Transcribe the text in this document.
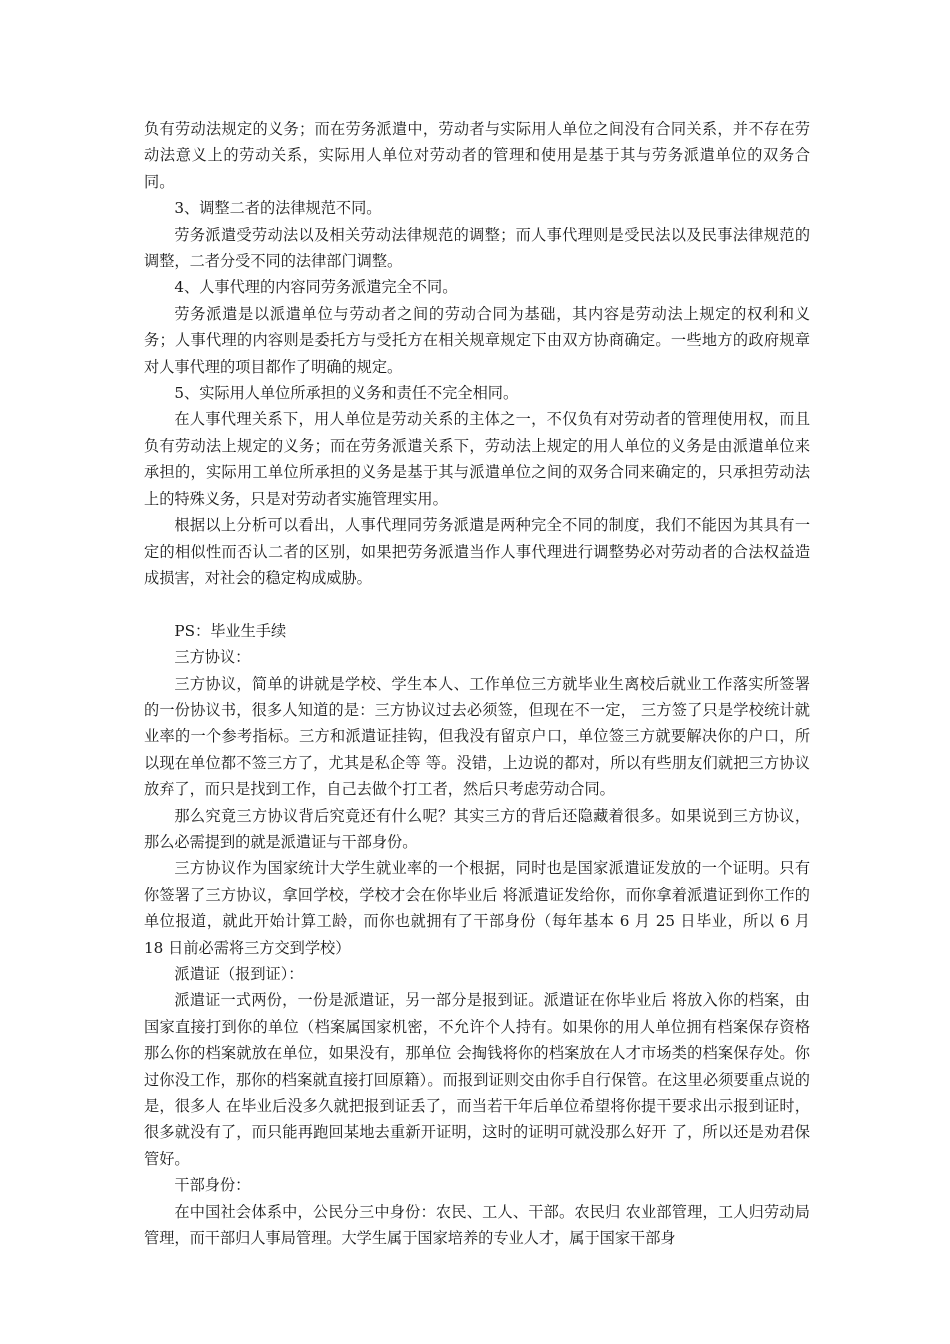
负有劳动法规定的义务；而在劳务派遣中，劳动者与实际用人单位之间没有合同关系，并不存在劳动法意义上的劳动关系，实际用人单位对劳动者的管理和使用是基于其与劳务派遣单位的双务合同。

3、调整二者的法律规范不同。

劳务派遣受劳动法以及相关劳动法律规范的调整；而人事代理则是受民法以及民事法律规范的调整，二者分受不同的法律部门调整。

4、人事代理的内容同劳务派遣完全不同。

劳务派遣是以派遣单位与劳动者之间的劳动合同为基础，其内容是劳动法上规定的权利和义务；人事代理的内容则是委托方与受托方在相关规章规定下由双方协商确定。一些地方的政府规章对人事代理的项目都作了明确的规定。

5、实际用人单位所承担的义务和责任不完全相同。

在人事代理关系下，用人单位是劳动关系的主体之一，不仅负有对劳动者的管理使用权，而且负有劳动法上规定的义务；而在劳务派遣关系下，劳动法上规定的用人单位的义务是由派遣单位来承担的，实际用工单位所承担的义务是基于其与派遣单位之间的双务合同来确定的，只承担劳动法上的特殊义务，只是对劳动者实施管理实用。

根据以上分析可以看出，人事代理同劳务派遣是两种完全不同的制度，我们不能因为其具有一定的相似性而否认二者的区别，如果把劳务派遣当作人事代理进行调整势必对劳动者的合法权益造成损害，对社会的稳定构成威胁。

PS：毕业生手续

三方协议：

三方协议，简单的讲就是学校、学生本人、工作单位三方就毕业生离校后就业工作落实所签署的一份协议书，很多人知道的是：三方协议过去必须签，但现在不一定， 三方签了只是学校统计就业率的一个参考指标。三方和派遣证挂钩，但我没有留京户口，单位签三方就要解决你的户口，所以现在单位都不签三方了，尤其是私企等 等。没错，上边说的都对，所以有些朋友们就把三方协议放弃了，而只是找到工作，自己去做个打工者，然后只考虑劳动合同。

那么究竟三方协议背后究竟还有什么呢？其实三方的背后还隐藏着很多。如果说到三方协议，那么必需提到的就是派遣证与干部身份。

三方协议作为国家统计大学生就业率的一个根据，同时也是国家派遣证发放的一个证明。只有你签署了三方协议，拿回学校，学校才会在你毕业后 将派遣证发给你，而你拿着派遣证到你工作的单位报道，就此开始计算工龄，而你也就拥有了干部身份（每年基本 6 月 25 日毕业，所以 6 月 18 日前必需将三方交到学校）

派遣证（报到证）：

派遣证一式两份，一份是派遣证，另一部分是报到证。派遣证在你毕业后 将放入你的档案，由国家直接打到你的单位（档案属国家机密，不允许个人持有。如果你的用人单位拥有档案保存资格那么你的档案就放在单位，如果没有，那单位 会掏钱将你的档案放在人才市场类的档案保存处。你过你没工作，那你的档案就直接打回原籍）。而报到证则交由你手自行保管。在这里必须要重点说的是，很多人 在毕业后没多久就把报到证丢了，而当若干年后单位希望将你提干要求出示报到证时，很多就没有了，而只能再跑回某地去重新开证明，这时的证明可就没那么好开 了，所以还是劝君保管好。

干部身份：

在中国社会体系中，公民分三中身份：农民、工人、干部。农民归 农业部管理，工人归劳动局管理，而干部归人事局管理。大学生属于国家培养的专业人才，属于国家干部身
